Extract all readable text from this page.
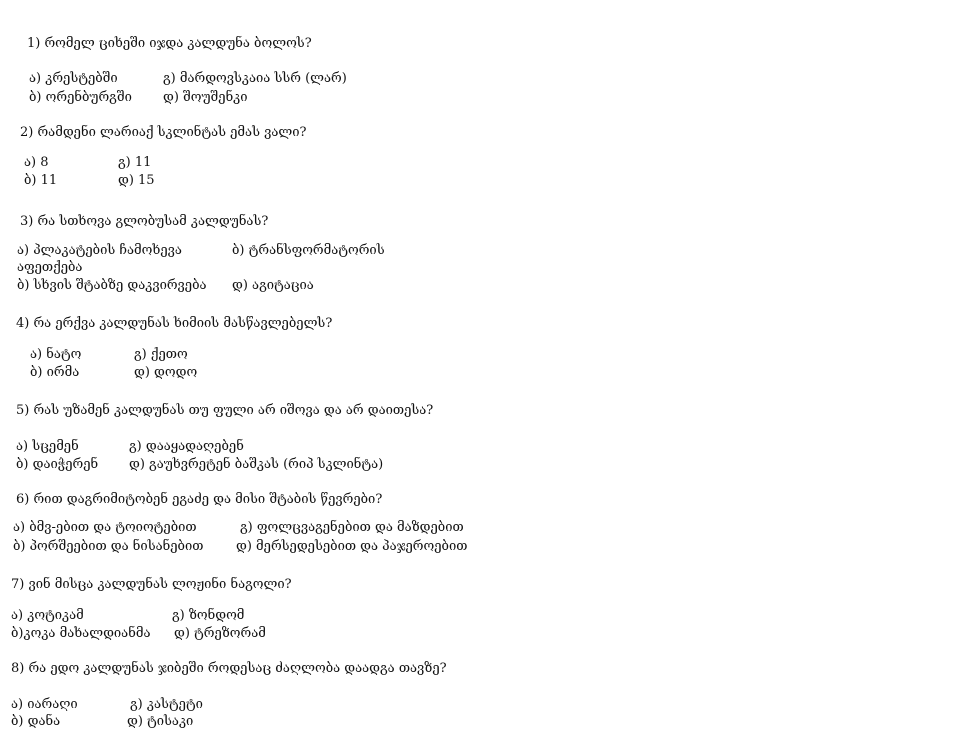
1) რომელ ციხეში იჯდა კალდუნა ბოლოს?
ა) კრესტებში	გ) მარდოვსკაია სსრ (ლარ)
ბ) ორენბურგში დ) შოუშენკი
2) რამდენი ლარიაქ სკლინტას ემას ვალი?
ა) 8	გ) 11
ბ) 11	დ) 15
3) რა სთხოვა გლობუსამ კალდუნას?
ა) პლაკატების ჩამოხევა	ბ) ტრანსფორმატორის
აფეთქება
ბ) სხვის შტაბზე დაკვირვება დ) აგიტაცია
4) რა ერქვა კალდუნას ხიმიის მასწავლებელს?
ა) ნატო	გ) ქეთო
ბ) ირმა	დ) დოდო
5) რას უზამენ კალდუნას თუ ფული არ იშოვა და არ დაითესა?
ა) სცემენ	გ) დააყადაღებენ
ბ) დაიჭერენ დ) გაუხვრეტენ ბაშკას (რიპ სკლინტა)
6) რით დაგრიმიტობენ ეგაძე და მისი შტაბის წევრები?
ა) ბმვ-ებით და ტოიოტებით	გ) ფოლცვაგენებით და მაზდებით
ბ) პორშეებით და ნისანებით	დ) მერსედესებით და პაჯეროებით
7) ვინ მისცა კალდუნას ლოჟინი ნაგოლი?
ა) კოტიკამ	გ) ზონდომ
ბ)კოკა მახალდიანმა დ) ტრეზორამ
8) რა ედო კალდუნას ჯიბეში როდესაც ძაღლობა დაადგა თავზე?
ა) იარაღი	გ) კასტეტი
ბ) დანა	დ) ტისაკი
